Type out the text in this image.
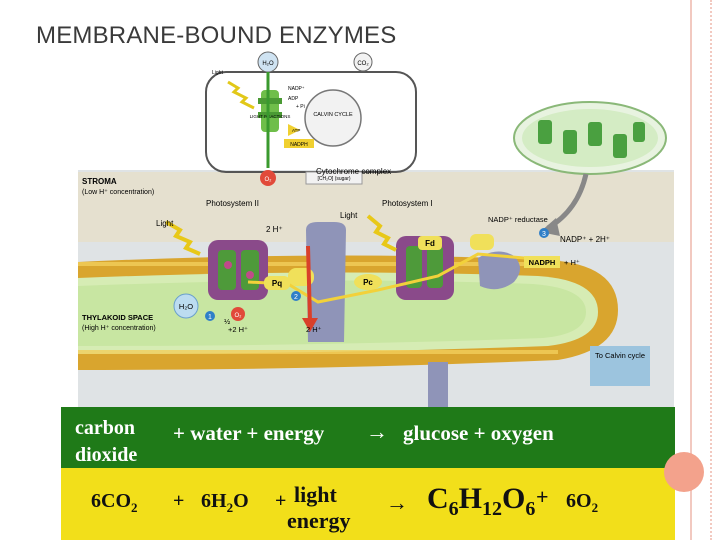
MEMBRANE-BOUND ENZYMES
H₂O	CO₂
Light
LIGHT REACTIONS
NADP⁺
ADP
+ Pi
CALVIN CYCLE
ATP
NADPH
O₂	[CH₂O] (sugar)
Pq	Pc
Fd
STROMA
(Low H⁺ concentration)
Photosystem II
Cytochrome complex
Photosystem I
NADP⁺ reductase
Light
Light
2 H⁺
NADP⁺ + 2H⁺
NADPH + H⁺
H₂O
THYLAKOID SPACE
(High H⁺ concentration)
½
O₂
+2 H⁺	2 H⁺
1
2
3
To Calvin cycle
carbon
dioxide
+ water + energy → glucose + oxygen
$6CO_2 + 6H_2O$ + light
energy
→ $C_6H_{12}O_6 + 6O_2$
